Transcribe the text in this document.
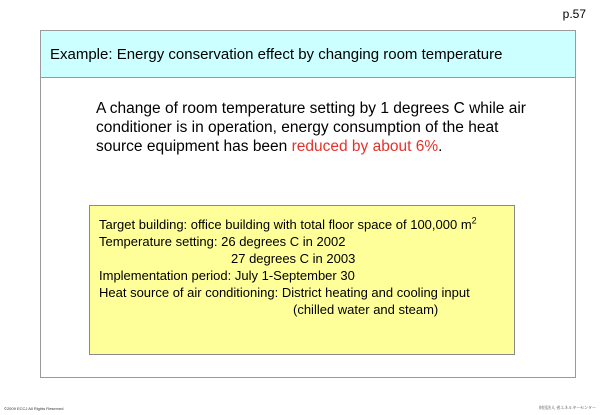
p.57
Example: Energy conservation effect by changing room temperature
A change of room temperature setting by 1 degrees C while air conditioner is in operation, energy consumption of the heat source equipment has been reduced by about 6%.
Target building: office building with total floor space of 100,000 $m^2$
Temperature setting: 26 degrees C in 2002
27 degrees C in 2003
Implementation period: July 1-September 30
Heat source of air conditioning: District heating and cooling input
(chilled water and steam)
©2009 ECCJ All Rights Reserved	財団法人 省エネルギーセンター
